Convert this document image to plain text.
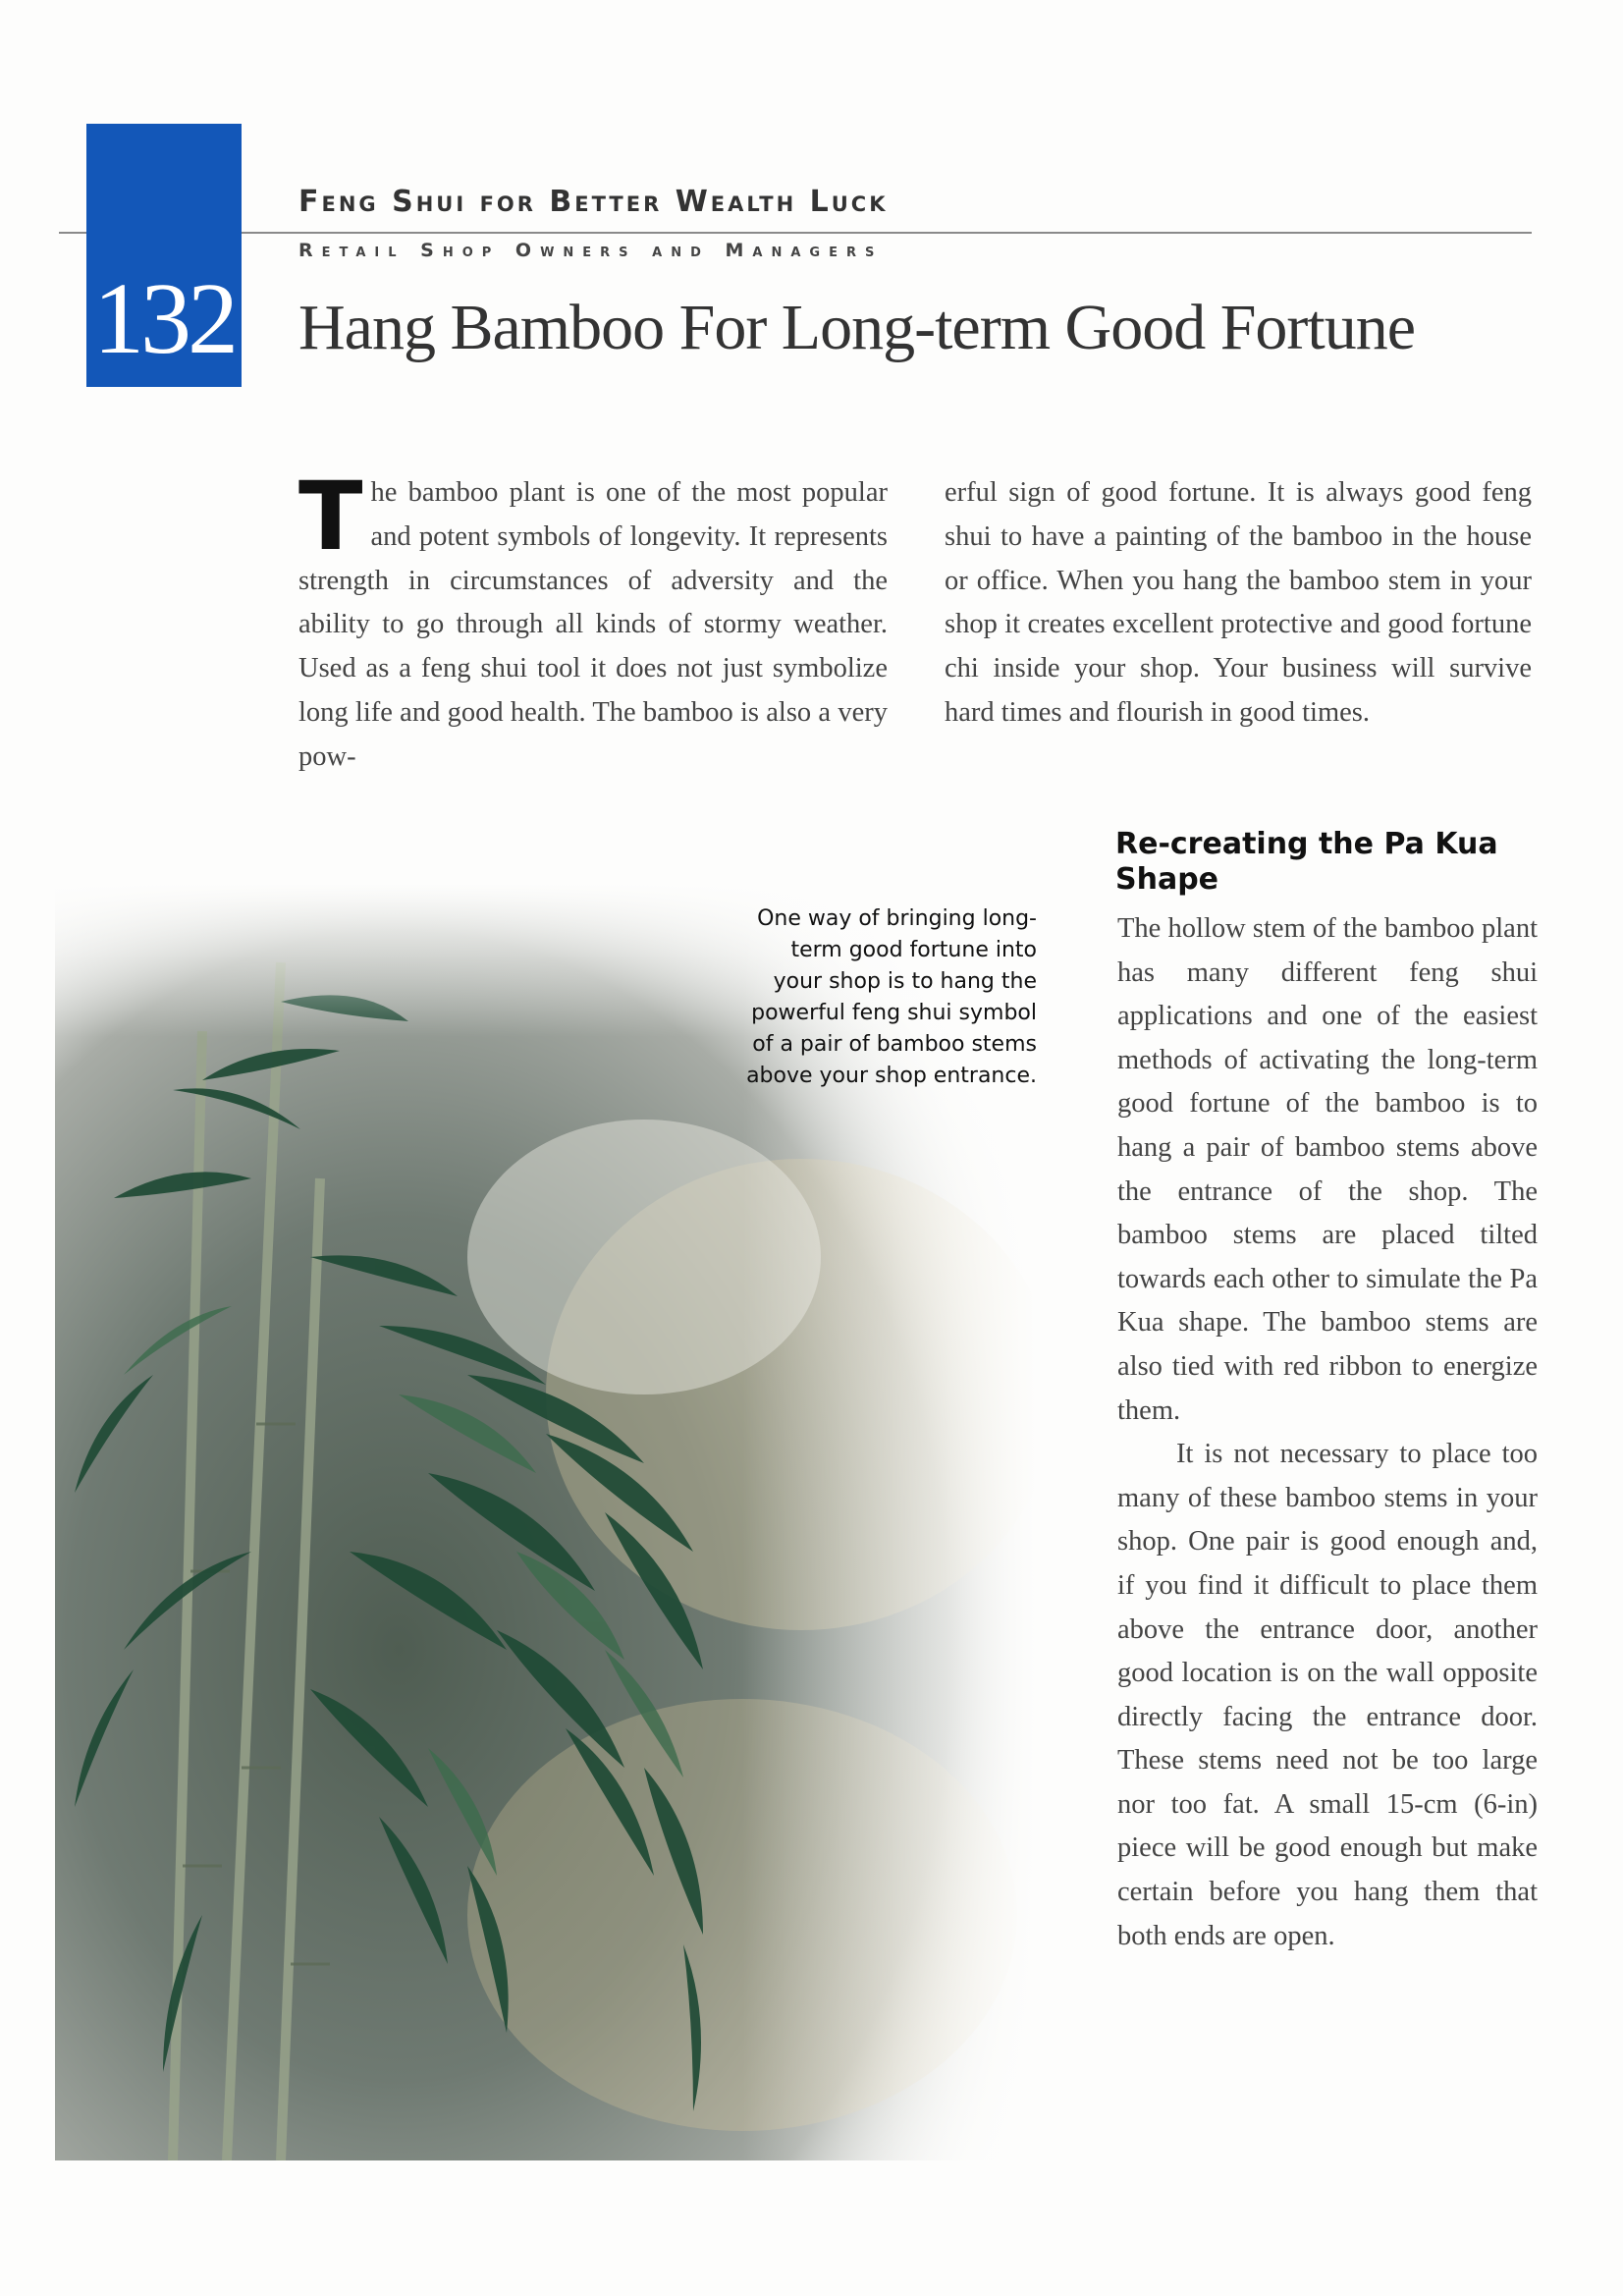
132
Feng Shui for Better Wealth Luck
Retail Shop Owners and Managers
Hang Bamboo For Long-term Good Fortune
The bamboo plant is one of the most popular and potent symbols of longevity. It represents strength in circumstances of adversity and the ability to go through all kinds of stormy weather. Used as a feng shui tool it does not just symbolize long life and good health. The bamboo is also a very pow-
erful sign of good fortune. It is always good feng shui to have a painting of the bamboo in the house or office. When you hang the bamboo stem in your shop it creates excellent protective and good fortune chi inside your shop. Your business will survive hard times and flourish in good times.
One way of bringing long-term good fortune into your shop is to hang the powerful feng shui symbol of a pair of bamboo stems above your shop entrance.
Re-creating the Pa Kua Shape

The hollow stem of the bamboo plant has many different feng shui applications and one of the easiest methods of activating the long-term good fortune of the bamboo is to hang a pair of bamboo stems above the entrance of the shop. The bamboo stems are placed tilted towards each other to simulate the Pa Kua shape. The bamboo stems are also tied with red ribbon to energize them.

It is not necessary to place too many of these bamboo stems in your shop. One pair is good enough and, if you find it difficult to place them above the entrance door, another good location is on the wall opposite directly facing the entrance door. These stems need not be too large nor too fat. A small 15-cm (6-in) piece will be good enough but make certain before you hang them that both ends are open.
